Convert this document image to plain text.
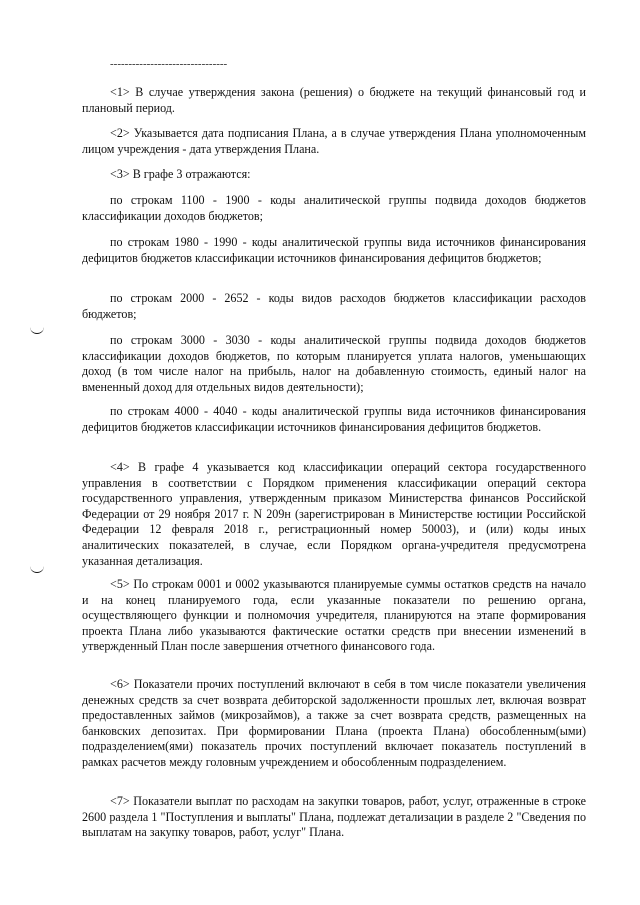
--------------------------------

<1> В случае утверждения закона (решения) о бюджете на текущий финансовый год и плановый период.

<2> Указывается дата подписания Плана, а в случае утверждения Плана уполномоченным лицом учреждения - дата утверждения Плана.

<3> В графе 3 отражаются:

по строкам 1100 - 1900 - коды аналитической группы подвида доходов бюджетов классификации доходов бюджетов;

по строкам 1980 - 1990 - коды аналитической группы вида источников финансирования дефицитов бюджетов классификации источников финансирования дефицитов бюджетов;

по строкам 2000 - 2652 - коды видов расходов бюджетов классификации расходов бюджетов;

по строкам 3000 - 3030 - коды аналитической группы подвида доходов бюджетов классификации доходов бюджетов, по которым планируется уплата налогов, уменьшающих доход (в том числе налог на прибыль, налог на добавленную стоимость, единый налог на вмененный доход для отдельных видов деятельности);

по строкам 4000 - 4040 - коды аналитической группы вида источников финансирования дефицитов бюджетов классификации источников финансирования дефицитов бюджетов.

<4> В графе 4 указывается код классификации операций сектора государственного управления в соответствии с Порядком применения классификации операций сектора государственного управления, утвержденным приказом Министерства финансов Российской Федерации от 29 ноября 2017 г. N 209н (зарегистрирован в Министерстве юстиции Российской Федерации 12 февраля 2018 г., регистрационный номер 50003), и (или) коды иных аналитических показателей, в случае, если Порядком органа-учредителя предусмотрена указанная детализация.

<5> По строкам 0001 и 0002 указываются планируемые суммы остатков средств на начало и на конец планируемого года, если указанные показатели по решению органа, осуществляющего функции и полномочия учредителя, планируются на этапе формирования проекта Плана либо указываются фактические остатки средств при внесении изменений в утвержденный План после завершения отчетного финансового года.

<6> Показатели прочих поступлений включают в себя в том числе показатели увеличения денежных средств за счет возврата дебиторской задолженности прошлых лет, включая возврат предоставленных займов (микрозаймов), а также за счет возврата средств, размещенных на банковских депозитах. При формировании Плана (проекта Плана) обособленным(ыми) подразделением(ями) показатель прочих поступлений включает показатель поступлений в рамках расчетов между головным учреждением и обособленным подразделением.

<7> Показатели выплат по расходам на закупки товаров, работ, услуг, отраженные в строке 2600 раздела 1 "Поступления и выплаты" Плана, подлежат детализации в разделе 2 "Сведения по выплатам на закупку товаров, работ, услуг" Плана.
